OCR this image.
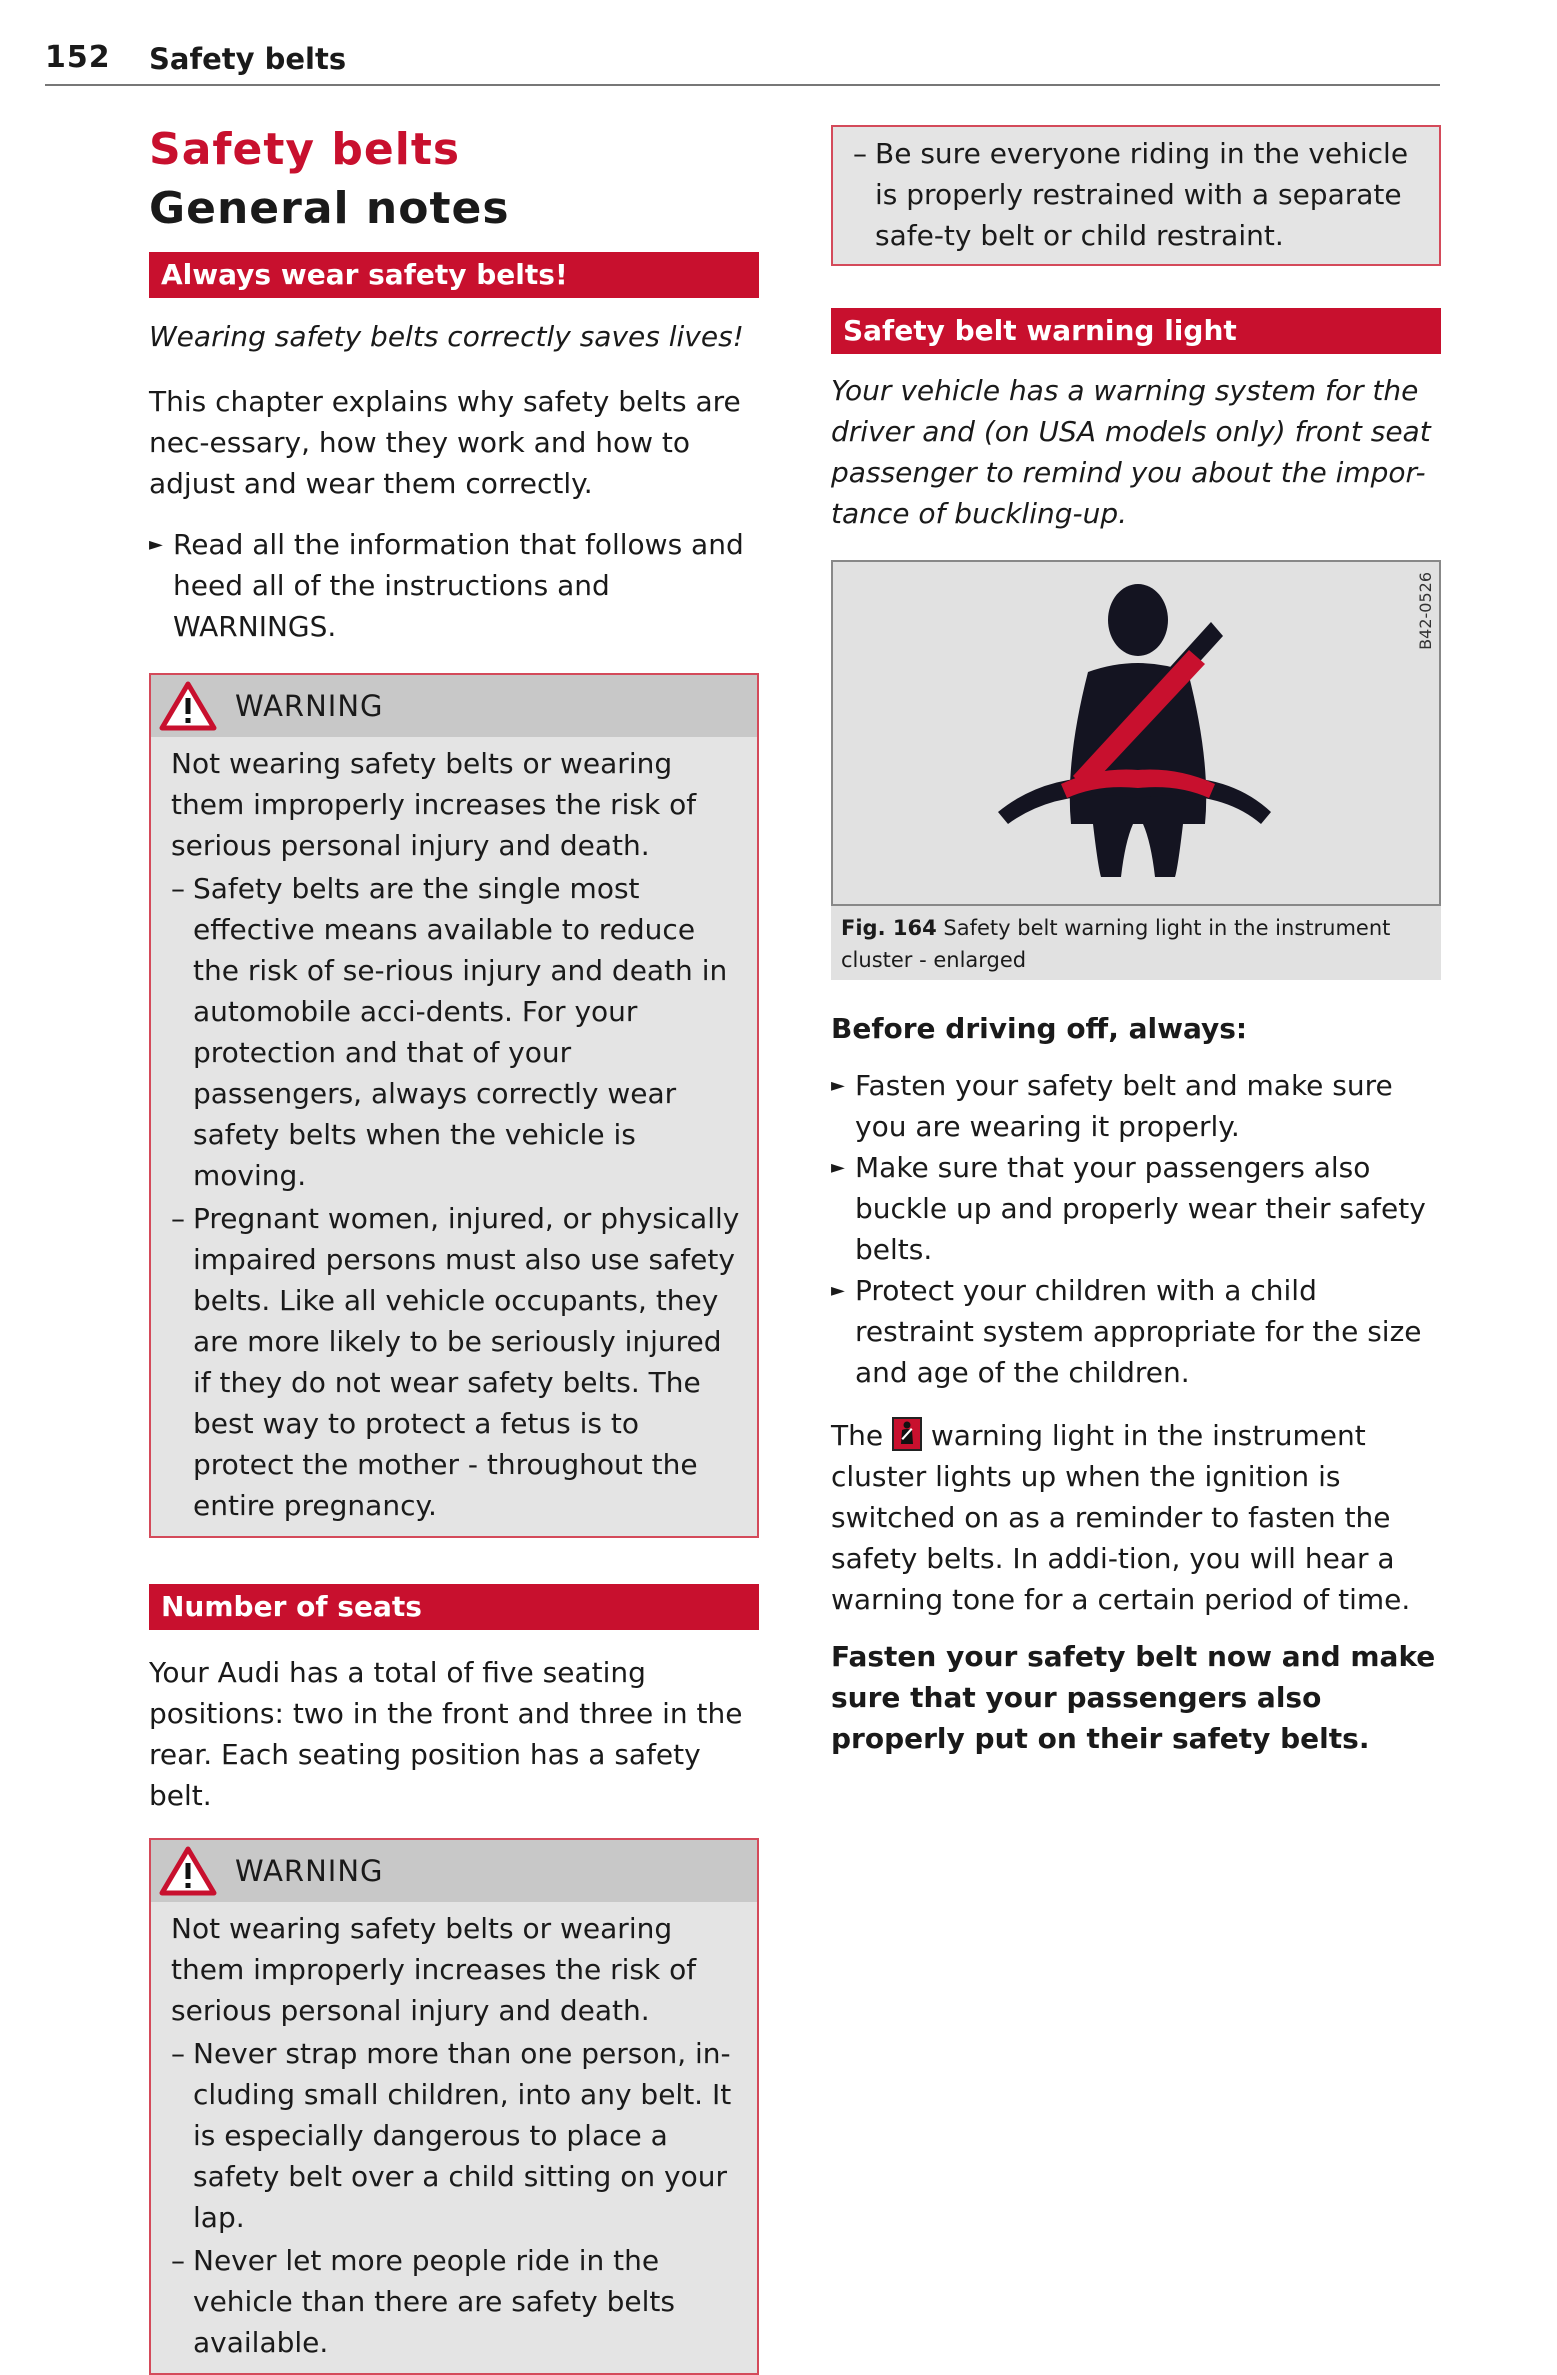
152 Safety belts
Safety belts
General notes
Always wear safety belts!
Wearing safety belts correctly saves lives!
This chapter explains why safety belts are nec-essary, how they work and how to adjust and wear them correctly.
► Read all the information that follows and heed all of the instructions and WARNINGS.
WARNING
Not wearing safety belts or wearing them improperly increases the risk of serious personal injury and death.
– Safety belts are the single most effective means available to reduce the risk of se-rious injury and death in automobile acci-dents. For your protection and that of your passengers, always correctly wear safety belts when the vehicle is moving.
– Pregnant women, injured, or physically impaired persons must also use safety belts. Like all vehicle occupants, they are more likely to be seriously injured if they do not wear safety belts. The best way to protect a fetus is to protect the mother - throughout the entire pregnancy.
Number of seats
Your Audi has a total of five seating positions: two in the front and three in the rear. Each seating position has a safety belt.
WARNING
Not wearing safety belts or wearing them improperly increases the risk of serious personal injury and death.
– Never strap more than one person, in-cluding small children, into any belt. It is especially dangerous to place a safety belt over a child sitting on your lap.
– Never let more people ride in the vehicle than there are safety belts available.
– Be sure everyone riding in the vehicle is properly restrained with a separate safe-ty belt or child restraint.
Safety belt warning light
Your vehicle has a warning system for the driver and (on USA models only) front seat passenger to remind you about the impor-tance of buckling-up.
B42-0526
Fig. 164 Safety belt warning light in the instrument cluster - enlarged
Before driving off, always:
► Fasten your safety belt and make sure you are wearing it properly.
► Make sure that your passengers also buckle up and properly wear their safety belts.
► Protect your children with a child restraint system appropriate for the size and age of the children.
The warning light in the instrument cluster lights up when the ignition is switched on as a reminder to fasten the safety belts. In addi-tion, you will hear a warning tone for a certain period of time.
Fasten your safety belt now and make sure that your passengers also properly put on their safety belts.
